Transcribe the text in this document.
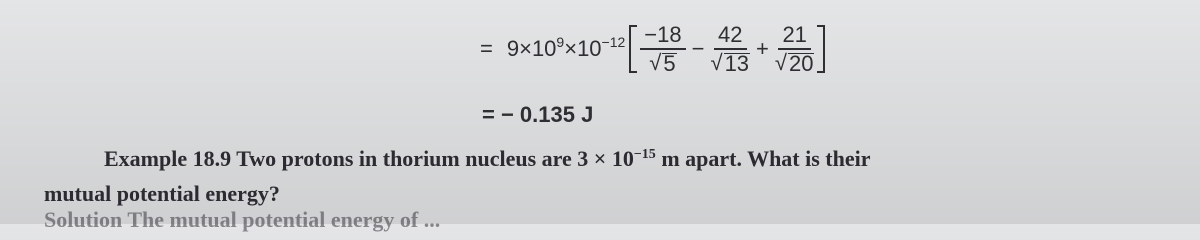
= $9\times 10^9\times 10^{-12} \frac{-18}{√ 5} - \frac{42}{√ 13} + \frac{21}{√ 20}$
= − 0.135 J
Example 18.9 Two protons in thorium nucleus are $3 \times 10^{-15}$ m apart. What is their
mutual potential energy?
Solution The mutual potential energy of ...
